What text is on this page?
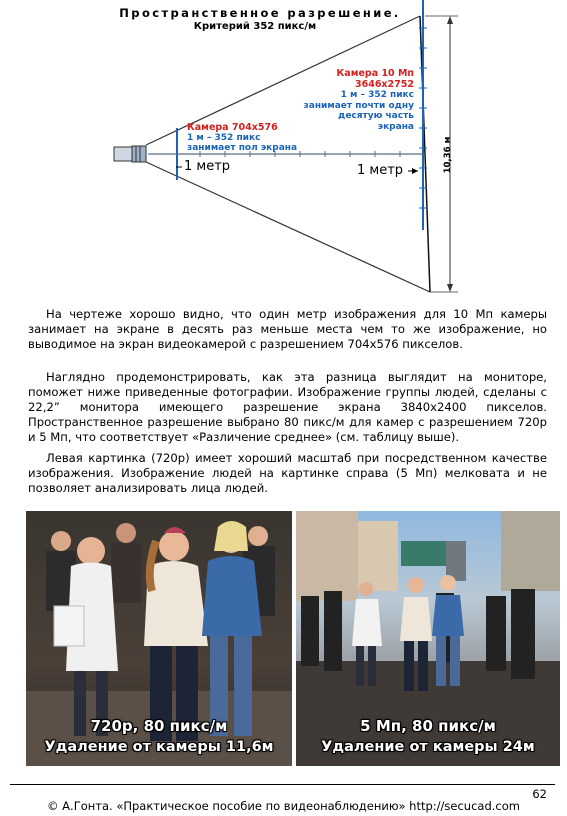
Пространственное разрешение.
Критерий 352 пикс/м
Камера 704x576
1 м – 352 пикс
занимает пол экрана
Камера 10 Мп
3646x2752
1 м – 352 пикс
занимает почти одну
десятую часть экрана
1 метр	1 метр	10,36 м

На чертеже хорошо видно, что один метр изображения для 10 Мп камеры занимает на экране в десять раз меньше места чем то же изображение, но выводимое на экран видеокамерой с разрешением 704х576 пикселов.

Наглядно продемонстрировать, как эта разница выглядит на мониторе, поможет ниже приведенные фотографии. Изображение группы людей, сделаны с 22,2” монитора имеющего разрешение экрана 3840х2400 пикселов. Пространственное разрешение выбрано 80 пикс/м для камер с разрешением 720р и 5 Мп, что соответствует «Различение среднее» (см. таблицу выше).

Левая картинка (720р) имеет хороший масштаб при посредственном качестве изображения. Изображение людей на картинке справа (5 Мп) мелковата и не позволяет анализировать лица людей.

720р, 80 пикс/м
Удаление от камеры 11,6м
5 Мп, 80 пикс/м
Удаление от камеры 24м
62
© А.Гонта. «Практическое пособие по видеонаблюдению» http://secucad.com
